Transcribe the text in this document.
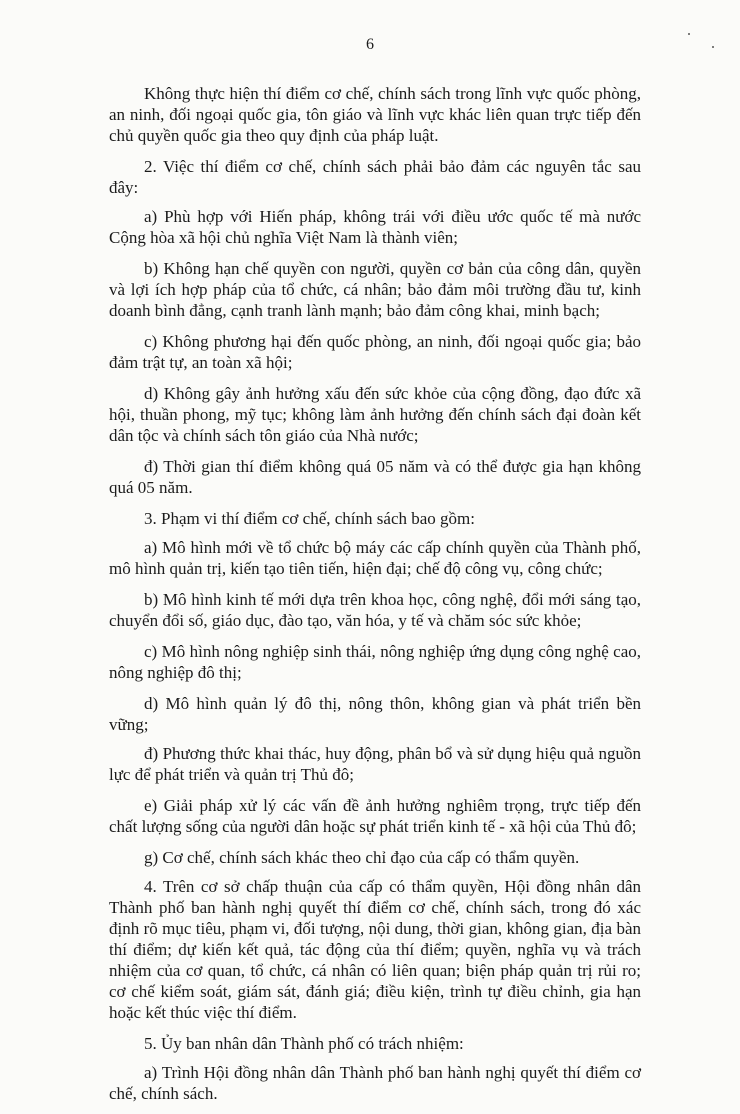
6

Không thực hiện thí điểm cơ chế, chính sách trong lĩnh vực quốc phòng, an ninh, đối ngoại quốc gia, tôn giáo và lĩnh vực khác liên quan trực tiếp đến chủ quyền quốc gia theo quy định của pháp luật.

2. Việc thí điểm cơ chế, chính sách phải bảo đảm các nguyên tắc sau đây:

a) Phù hợp với Hiến pháp, không trái với điều ước quốc tế mà nước Cộng hòa xã hội chủ nghĩa Việt Nam là thành viên;

b) Không hạn chế quyền con người, quyền cơ bản của công dân, quyền và lợi ích hợp pháp của tổ chức, cá nhân; bảo đảm môi trường đầu tư, kinh doanh bình đẳng, cạnh tranh lành mạnh; bảo đảm công khai, minh bạch;

c) Không phương hại đến quốc phòng, an ninh, đối ngoại quốc gia; bảo đảm trật tự, an toàn xã hội;

d) Không gây ảnh hưởng xấu đến sức khỏe của cộng đồng, đạo đức xã hội, thuần phong, mỹ tục; không làm ảnh hưởng đến chính sách đại đoàn kết dân tộc và chính sách tôn giáo của Nhà nước;

đ) Thời gian thí điểm không quá 05 năm và có thể được gia hạn không quá 05 năm.

3. Phạm vi thí điểm cơ chế, chính sách bao gồm:

a) Mô hình mới về tổ chức bộ máy các cấp chính quyền của Thành phố, mô hình quản trị, kiến tạo tiên tiến, hiện đại; chế độ công vụ, công chức;

b) Mô hình kinh tế mới dựa trên khoa học, công nghệ, đổi mới sáng tạo, chuyển đổi số, giáo dục, đào tạo, văn hóa, y tế và chăm sóc sức khỏe;

c) Mô hình nông nghiệp sinh thái, nông nghiệp ứng dụng công nghệ cao, nông nghiệp đô thị;

d) Mô hình quản lý đô thị, nông thôn, không gian và phát triển bền vững;

đ) Phương thức khai thác, huy động, phân bổ và sử dụng hiệu quả nguồn lực để phát triển và quản trị Thủ đô;

e) Giải pháp xử lý các vấn đề ảnh hưởng nghiêm trọng, trực tiếp đến chất lượng sống của người dân hoặc sự phát triển kinh tế - xã hội của Thủ đô;

g) Cơ chế, chính sách khác theo chỉ đạo của cấp có thẩm quyền.

4. Trên cơ sở chấp thuận của cấp có thẩm quyền, Hội đồng nhân dân Thành phố ban hành nghị quyết thí điểm cơ chế, chính sách, trong đó xác định rõ mục tiêu, phạm vi, đối tượng, nội dung, thời gian, không gian, địa bàn thí điểm; dự kiến kết quả, tác động của thí điểm; quyền, nghĩa vụ và trách nhiệm của cơ quan, tổ chức, cá nhân có liên quan; biện pháp quản trị rủi ro; cơ chế kiểm soát, giám sát, đánh giá; điều kiện, trình tự điều chỉnh, gia hạn hoặc kết thúc việc thí điểm.

5. Ủy ban nhân dân Thành phố có trách nhiệm:

a) Trình Hội đồng nhân dân Thành phố ban hành nghị quyết thí điểm cơ chế, chính sách.
